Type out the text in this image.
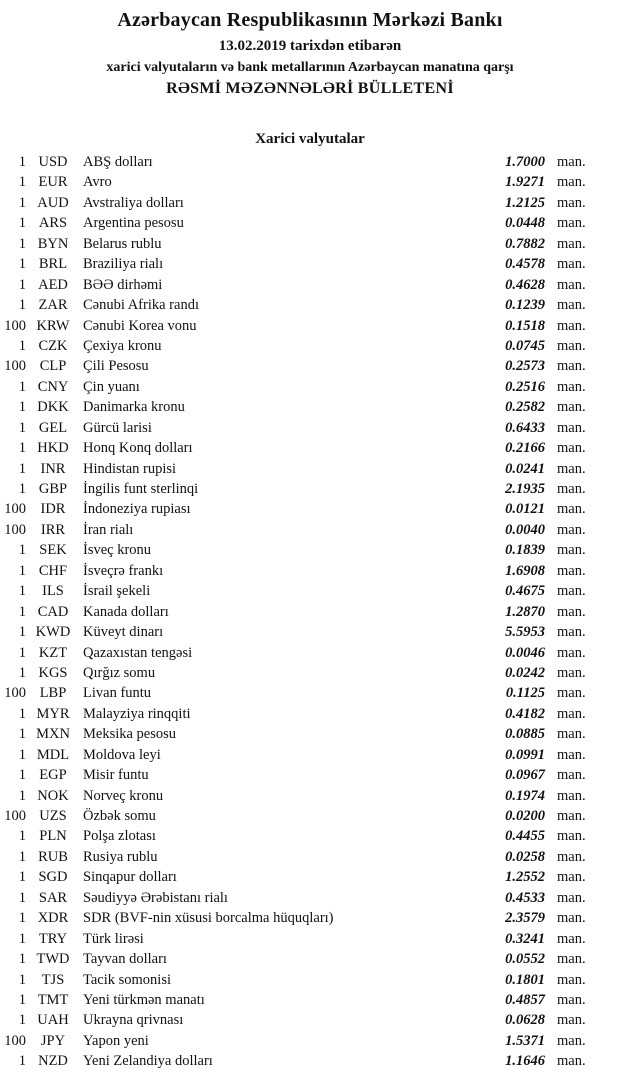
Azərbaycan Respublikasının Mərkəzi Bankı
13.02.2019 tarixdən etibarən
xarici valyutaların və bank metallarının Azərbaycan manatına qarşı
RƏSMİ MƏZƏNNƏLƏRİ BÜLLETENİ
Xarici valyutalar
1 USD	ABŞ dolları	1.7000 man.
1 EUR	Avro	1.9271 man.
1 AUD Avstraliya dolları	1.2125 man.
1 ARS	Argentina pesosu	0.0448 man.
1 BYN	Belarus rublu	0.7882 man.
1 BRL	Braziliya rialı	0.4578 man.
1 AED	BƏƏ dirhəmi	0.4628 man.
1 ZAR	Cənubi Afrika randı	0.1239 man.
100 KRW Cənubi Korea vonu	0.1518 man.
1 CZK	Çexiya kronu	0.0745 man.
100 CLP	Çili Pesosu	0.2573 man.
1 CNY	Çin yuanı	0.2516 man.
1 DKK Danimarka kronu	0.2582 man.
1 GEL	Gürcü larisi	0.6433 man.
1 HKD Honq Konq dolları	0.2166 man.
1	INR	Hindistan rupisi	0.0241 man.
1 GBP	İngilis funt sterlinqi	2.1935 man.
100	IDR	İndoneziya rupiası	0.0121 man.
100	IRR	İran rialı	0.0040 man.
1 SEK	İsveç kronu	0.1839 man.
1 CHF	İsveçrə frankı	1.6908 man.
1	ILS	İsrail şekeli	0.4675 man.
1 CAD	Kanada dolları	1.2870 man.
1 KWD Küveyt dinarı	5.5953 man.
1 KZT	Qazaxıstan tengəsi	0.0046 man.
1 KGS	Qırğız somu	0.0242 man.
100 LBP	Livan funtu	0.1125 man.
1 MYR Malayziya rinqqiti	0.4182 man.
1 MXN Meksika pesosu	0.0885 man.
1 MDL Moldova leyi	0.0991 man.
1 EGP	Misir funtu	0.0967 man.
1 NOK Norveç kronu	0.1974 man.
100 UZS	Özbək somu	0.0200 man.
1 PLN	Polşa zlotası	0.4455 man.
1 RUB	Rusiya rublu	0.0258 man.
1 SGD	Sinqapur dolları	1.2552 man.
1 SAR	Səudiyyə Ərəbistanı rialı	0.4533 man.
1 XDR	SDR (BVF-nin xüsusi borcalma hüquqları)	2.3579 man.
1 TRY	Türk lirəsi	0.3241 man.
1 TWD Tayvan dolları	0.0552 man.
1	TJS	Tacik somonisi	0.1801 man.
1 TMT	Yeni türkmən manatı	0.4857 man.
1 UAH Ukrayna qrivnası	0.0628 man.
100	JPY	Yapon yeni	1.5371 man.
1 NZD	Yeni Zelandiya dolları	1.1646 man.
